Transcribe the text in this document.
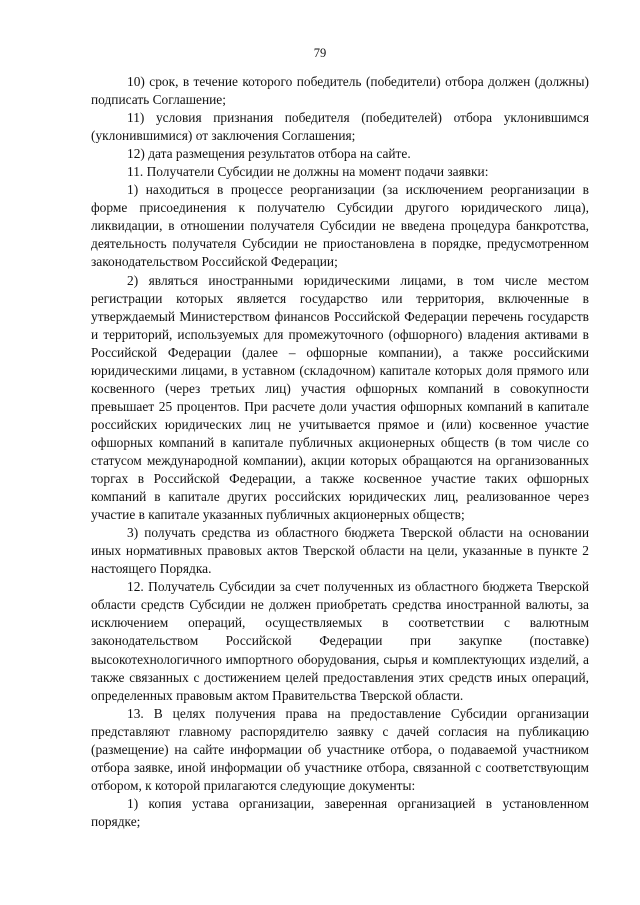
79

10) срок, в течение которого победитель (победители) отбора должен (должны) подписать Соглашение;

11) условия признания победителя (победителей) отбора уклонившимся (уклонившимися) от заключения Соглашения;

12) дата размещения результатов отбора на сайте.

11. Получатели Субсидии не должны на момент подачи заявки:

1) находиться в процессе реорганизации (за исключением реорганизации в форме присоединения к получателю Субсидии другого юридического лица), ликвидации, в отношении получателя Субсидии не введена процедура банкротства, деятельность получателя Субсидии не приостановлена в порядке, предусмотренном законодательством Российской Федерации;

2) являться иностранными юридическими лицами, в том числе местом регистрации которых является государство или территория, включенные в утверждаемый Министерством финансов Российской Федерации перечень государств и территорий, используемых для промежуточного (офшорного) владения активами в Российской Федерации (далее – офшорные компании), а также российскими юридическими лицами, в уставном (складочном) капитале которых доля прямого или косвенного (через третьих лиц) участия офшорных компаний в совокупности превышает 25 процентов. При расчете доли участия офшорных компаний в капитале российских юридических лиц не учитывается прямое и (или) косвенное участие офшорных компаний в капитале публичных акционерных обществ (в том числе со статусом международной компании), акции которых обращаются на организованных торгах в Российской Федерации, а также косвенное участие таких офшорных компаний в капитале других российских юридических лиц, реализованное через участие в капитале указанных публичных акционерных обществ;

3) получать средства из областного бюджета Тверской области на основании иных нормативных правовых актов Тверской области на цели, указанные в пункте 2 настоящего Порядка.

12. Получатель Субсидии за счет полученных из областного бюджета Тверской области средств Субсидии не должен приобретать средства иностранной валюты, за исключением операций, осуществляемых в соответствии с валютным законодательством Российской Федерации при закупке (поставке) высокотехнологичного импортного оборудования, сырья и комплектующих изделий, а также связанных с достижением целей предоставления этих средств иных операций, определенных правовым актом Правительства Тверской области.

13. В целях получения права на предоставление Субсидии организации представляют главному распорядителю заявку с дачей согласия на публикацию (размещение) на сайте информации об участнике отбора, о подаваемой участником отбора заявке, иной информации об участнике отбора, связанной с соответствующим отбором, к которой прилагаются следующие документы:

1) копия устава организации, заверенная организацией в установленном порядке;
